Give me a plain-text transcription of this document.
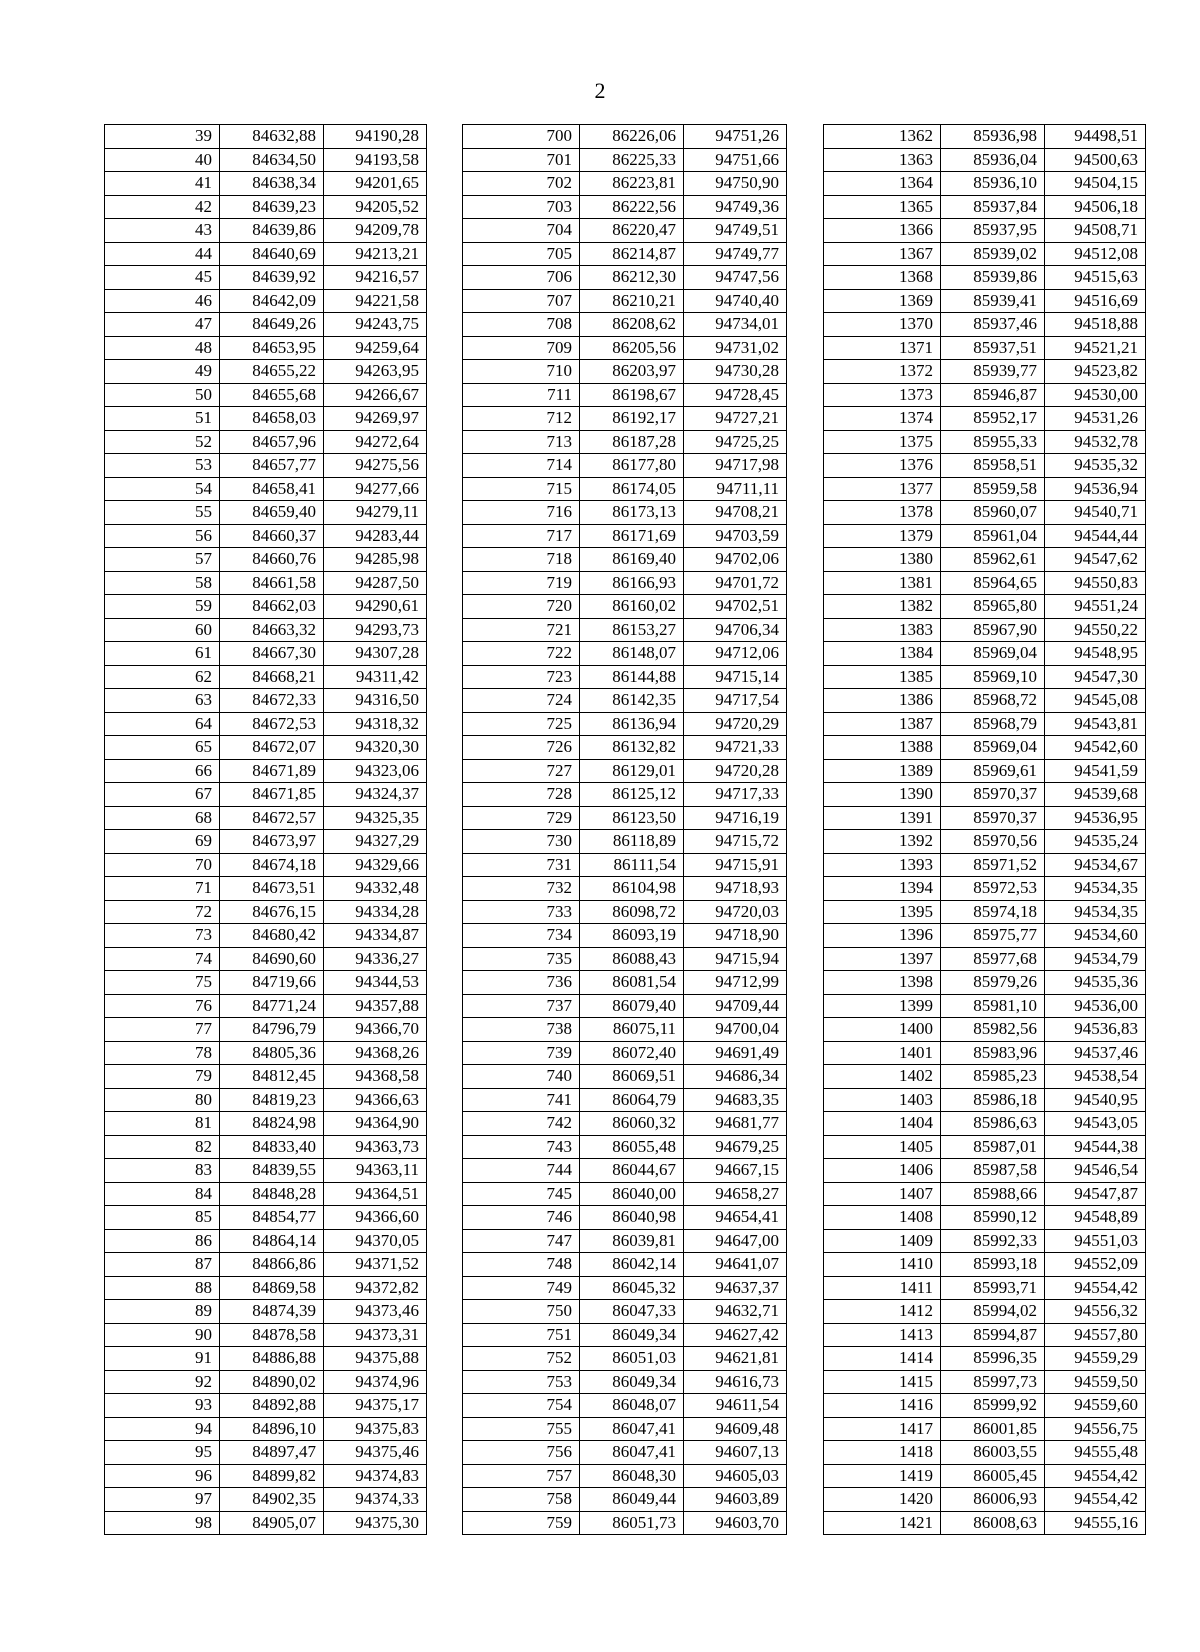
2
39	84632,88	94190,28
40	84634,50	94193,58
41	84638,34	94201,65
42	84639,23	94205,52
43	84639,86	94209,78
44	84640,69	94213,21
45	84639,92	94216,57
46	84642,09	94221,58
47	84649,26	94243,75
48	84653,95	94259,64
49	84655,22	94263,95
50	84655,68	94266,67
51	84658,03	94269,97
52	84657,96	94272,64
53	84657,77	94275,56
54	84658,41	94277,66
55	84659,40	94279,11
56	84660,37	94283,44
57	84660,76	94285,98
58	84661,58	94287,50
59	84662,03	94290,61
60	84663,32	94293,73
61	84667,30	94307,28
62	84668,21	94311,42
63	84672,33	94316,50
64	84672,53	94318,32
65	84672,07	94320,30
66	84671,89	94323,06
67	84671,85	94324,37
68	84672,57	94325,35
69	84673,97	94327,29
70	84674,18	94329,66
71	84673,51	94332,48
72	84676,15	94334,28
73	84680,42	94334,87
74	84690,60	94336,27
75	84719,66	94344,53
76	84771,24	94357,88
77	84796,79	94366,70
78	84805,36	94368,26
79	84812,45	94368,58
80	84819,23	94366,63
81	84824,98	94364,90
82	84833,40	94363,73
83	84839,55	94363,11
84	84848,28	94364,51
85	84854,77	94366,60
86	84864,14	94370,05
87	84866,86	94371,52
88	84869,58	94372,82
89	84874,39	94373,46
90	84878,58	94373,31
91	84886,88	94375,88
92	84890,02	94374,96
93	84892,88	94375,17
94	84896,10	94375,83
95	84897,47	94375,46
96	84899,82	94374,83
97	84902,35	94374,33
98	84905,07	94375,30
700	86226,06	94751,26
701	86225,33	94751,66
702	86223,81	94750,90
703	86222,56	94749,36
704	86220,47	94749,51
705	86214,87	94749,77
706	86212,30	94747,56
707	86210,21	94740,40
708	86208,62	94734,01
709	86205,56	94731,02
710	86203,97	94730,28
711	86198,67	94728,45
712	86192,17	94727,21
713	86187,28	94725,25
714	86177,80	94717,98
715	86174,05	94711,11
716	86173,13	94708,21
717	86171,69	94703,59
718	86169,40	94702,06
719	86166,93	94701,72
720	86160,02	94702,51
721	86153,27	94706,34
722	86148,07	94712,06
723	86144,88	94715,14
724	86142,35	94717,54
725	86136,94	94720,29
726	86132,82	94721,33
727	86129,01	94720,28
728	86125,12	94717,33
729	86123,50	94716,19
730	86118,89	94715,72
731	86111,54	94715,91
732	86104,98	94718,93
733	86098,72	94720,03
734	86093,19	94718,90
735	86088,43	94715,94
736	86081,54	94712,99
737	86079,40	94709,44
738	86075,11	94700,04
739	86072,40	94691,49
740	86069,51	94686,34
741	86064,79	94683,35
742	86060,32	94681,77
743	86055,48	94679,25
744	86044,67	94667,15
745	86040,00	94658,27
746	86040,98	94654,41
747	86039,81	94647,00
748	86042,14	94641,07
749	86045,32	94637,37
750	86047,33	94632,71
751	86049,34	94627,42
752	86051,03	94621,81
753	86049,34	94616,73
754	86048,07	94611,54
755	86047,41	94609,48
756	86047,41	94607,13
757	86048,30	94605,03
758	86049,44	94603,89
759	86051,73	94603,70
1362	85936,98	94498,51
1363	85936,04	94500,63
1364	85936,10	94504,15
1365	85937,84	94506,18
1366	85937,95	94508,71
1367	85939,02	94512,08
1368	85939,86	94515,63
1369	85939,41	94516,69
1370	85937,46	94518,88
1371	85937,51	94521,21
1372	85939,77	94523,82
1373	85946,87	94530,00
1374	85952,17	94531,26
1375	85955,33	94532,78
1376	85958,51	94535,32
1377	85959,58	94536,94
1378	85960,07	94540,71
1379	85961,04	94544,44
1380	85962,61	94547,62
1381	85964,65	94550,83
1382	85965,80	94551,24
1383	85967,90	94550,22
1384	85969,04	94548,95
1385	85969,10	94547,30
1386	85968,72	94545,08
1387	85968,79	94543,81
1388	85969,04	94542,60
1389	85969,61	94541,59
1390	85970,37	94539,68
1391	85970,37	94536,95
1392	85970,56	94535,24
1393	85971,52	94534,67
1394	85972,53	94534,35
1395	85974,18	94534,35
1396	85975,77	94534,60
1397	85977,68	94534,79
1398	85979,26	94535,36
1399	85981,10	94536,00
1400	85982,56	94536,83
1401	85983,96	94537,46
1402	85985,23	94538,54
1403	85986,18	94540,95
1404	85986,63	94543,05
1405	85987,01	94544,38
1406	85987,58	94546,54
1407	85988,66	94547,87
1408	85990,12	94548,89
1409	85992,33	94551,03
1410	85993,18	94552,09
1411	85993,71	94554,42
1412	85994,02	94556,32
1413	85994,87	94557,80
1414	85996,35	94559,29
1415	85997,73	94559,50
1416	85999,92	94559,60
1417	86001,85	94556,75
1418	86003,55	94555,48
1419	86005,45	94554,42
1420	86006,93	94554,42
1421	86008,63	94555,16
